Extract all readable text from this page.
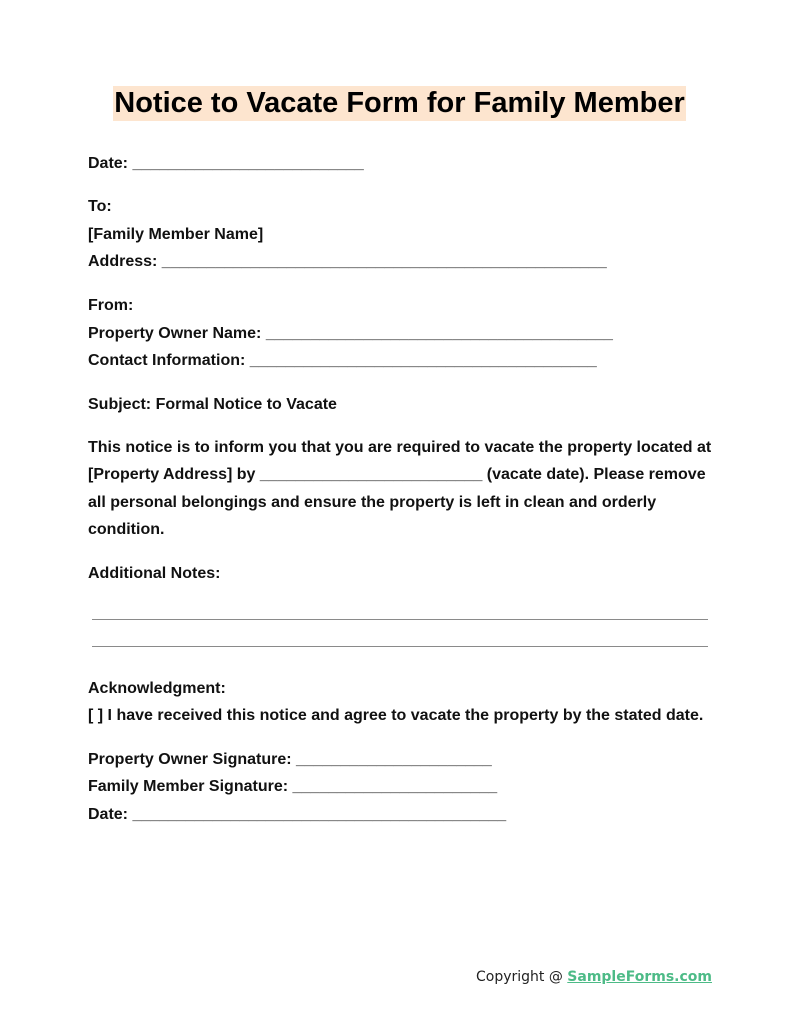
Notice to Vacate Form for Family Member
Date: __________________________
To:
[Family Member Name]
Address: __________________________________________________
From:
Property Owner Name: _______________________________________
Contact Information: _______________________________________
Subject: Formal Notice to Vacate
This notice is to inform you that you are required to vacate the property located at [Property Address] by _________________________ (vacate date). Please remove all personal belongings and ensure the property is left in clean and orderly condition.
Additional Notes:
Acknowledgment:
[ ] I have received this notice and agree to vacate the property by the stated date.
Property Owner Signature: ______________________
Family Member Signature: _______________________
Date: __________________________________________
Copyright @ SampleForms.com
